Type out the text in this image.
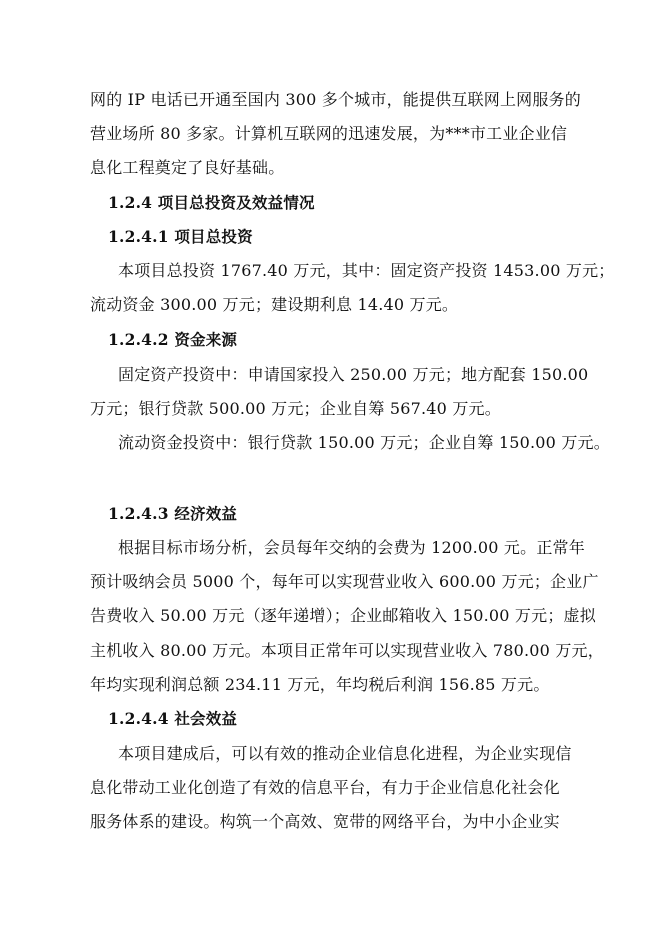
网的 IP 电话已开通至国内 300 多个城市，能提供互联网上网服务的
营业场所 80 多家。计算机互联网的迅速发展，为***市工业企业信
息化工程奠定了良好基础。
1.2.4 项目总投资及效益情况
1.2.4.1 项目总投资
本项目总投资 1767.40 万元，其中：固定资产投资 1453.00 万元；
流动资金 300.00 万元；建设期利息 14.40 万元。
1.2.4.2 资金来源
固定资产投资中：申请国家投入 250.00 万元；地方配套 150.00
万元；银行贷款 500.00 万元；企业自筹 567.40 万元。
流动资金投资中：银行贷款 150.00 万元；企业自筹 150.00 万元。
1.2.4.3 经济效益
根据目标市场分析，会员每年交纳的会费为 1200.00 元。正常年
预计吸纳会员 5000 个，每年可以实现营业收入 600.00 万元；企业广
告费收入 50.00 万元（逐年递增）；企业邮箱收入 150.00 万元；虚拟
主机收入 80.00 万元。本项目正常年可以实现营业收入 780.00 万元，
年均实现利润总额 234.11 万元，年均税后利润 156.85 万元。
1.2.4.4 社会效益
本项目建成后，可以有效的推动企业信息化进程，为企业实现信
息化带动工业化创造了有效的信息平台，有力于企业信息化社会化
服务体系的建设。构筑一个高效、宽带的网络平台，为中小企业实
